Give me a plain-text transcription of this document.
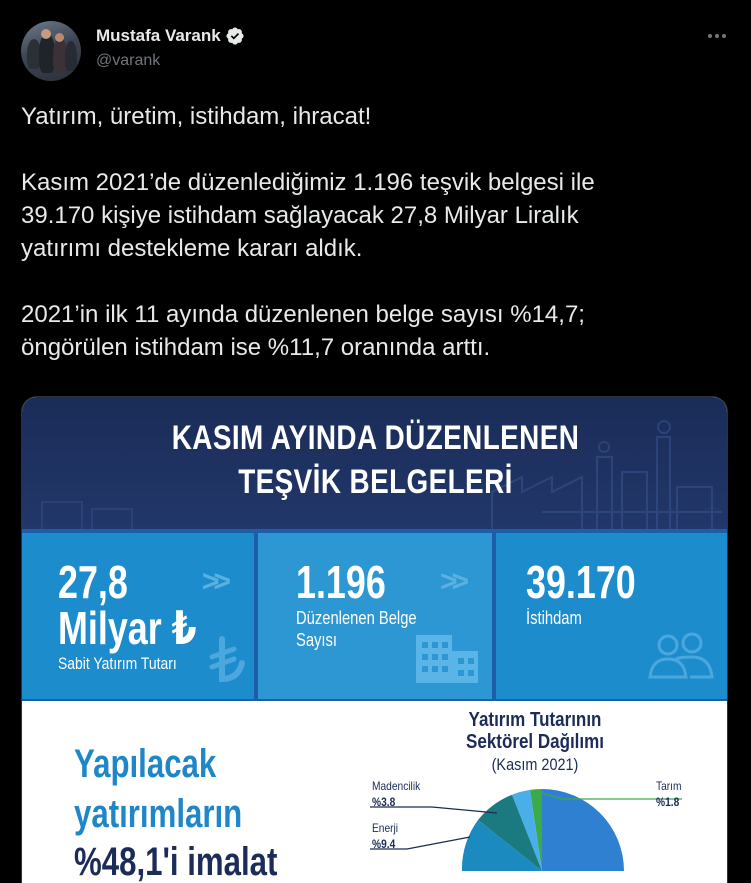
Mustafa Varank
@varank

Yatırım, üretim, istihdam, ihracat!

Kasım 2021’de düzenlediğimiz 1.196 teşvik belgesi ile
39.170 kişiye istihdam sağlayacak 27,8 Milyar Liralık
yatırımı destekleme kararı aldık.

2021’in ilk 11 ayında düzenlenen belge sayısı %14,7;
öngörülen istihdam ise %11,7 oranında arttı.

KASIM AYINDA DÜZENLENEN
TEŞVİK BELGELERİ
27,8
Milyar ₺
Sabit Yatırım Tutarı
>> 1.196
Düzenlenen Belge
Sayısı
>> 39.170
İstihdam
Yapılacak
yatırımların
%48,1'i imalat
Yatırım Tutarının
Sektörel Dağılımı
(Kasım 2021)
Madencilik
%3.8
Enerji
%9.4
Tarım
%1.8
